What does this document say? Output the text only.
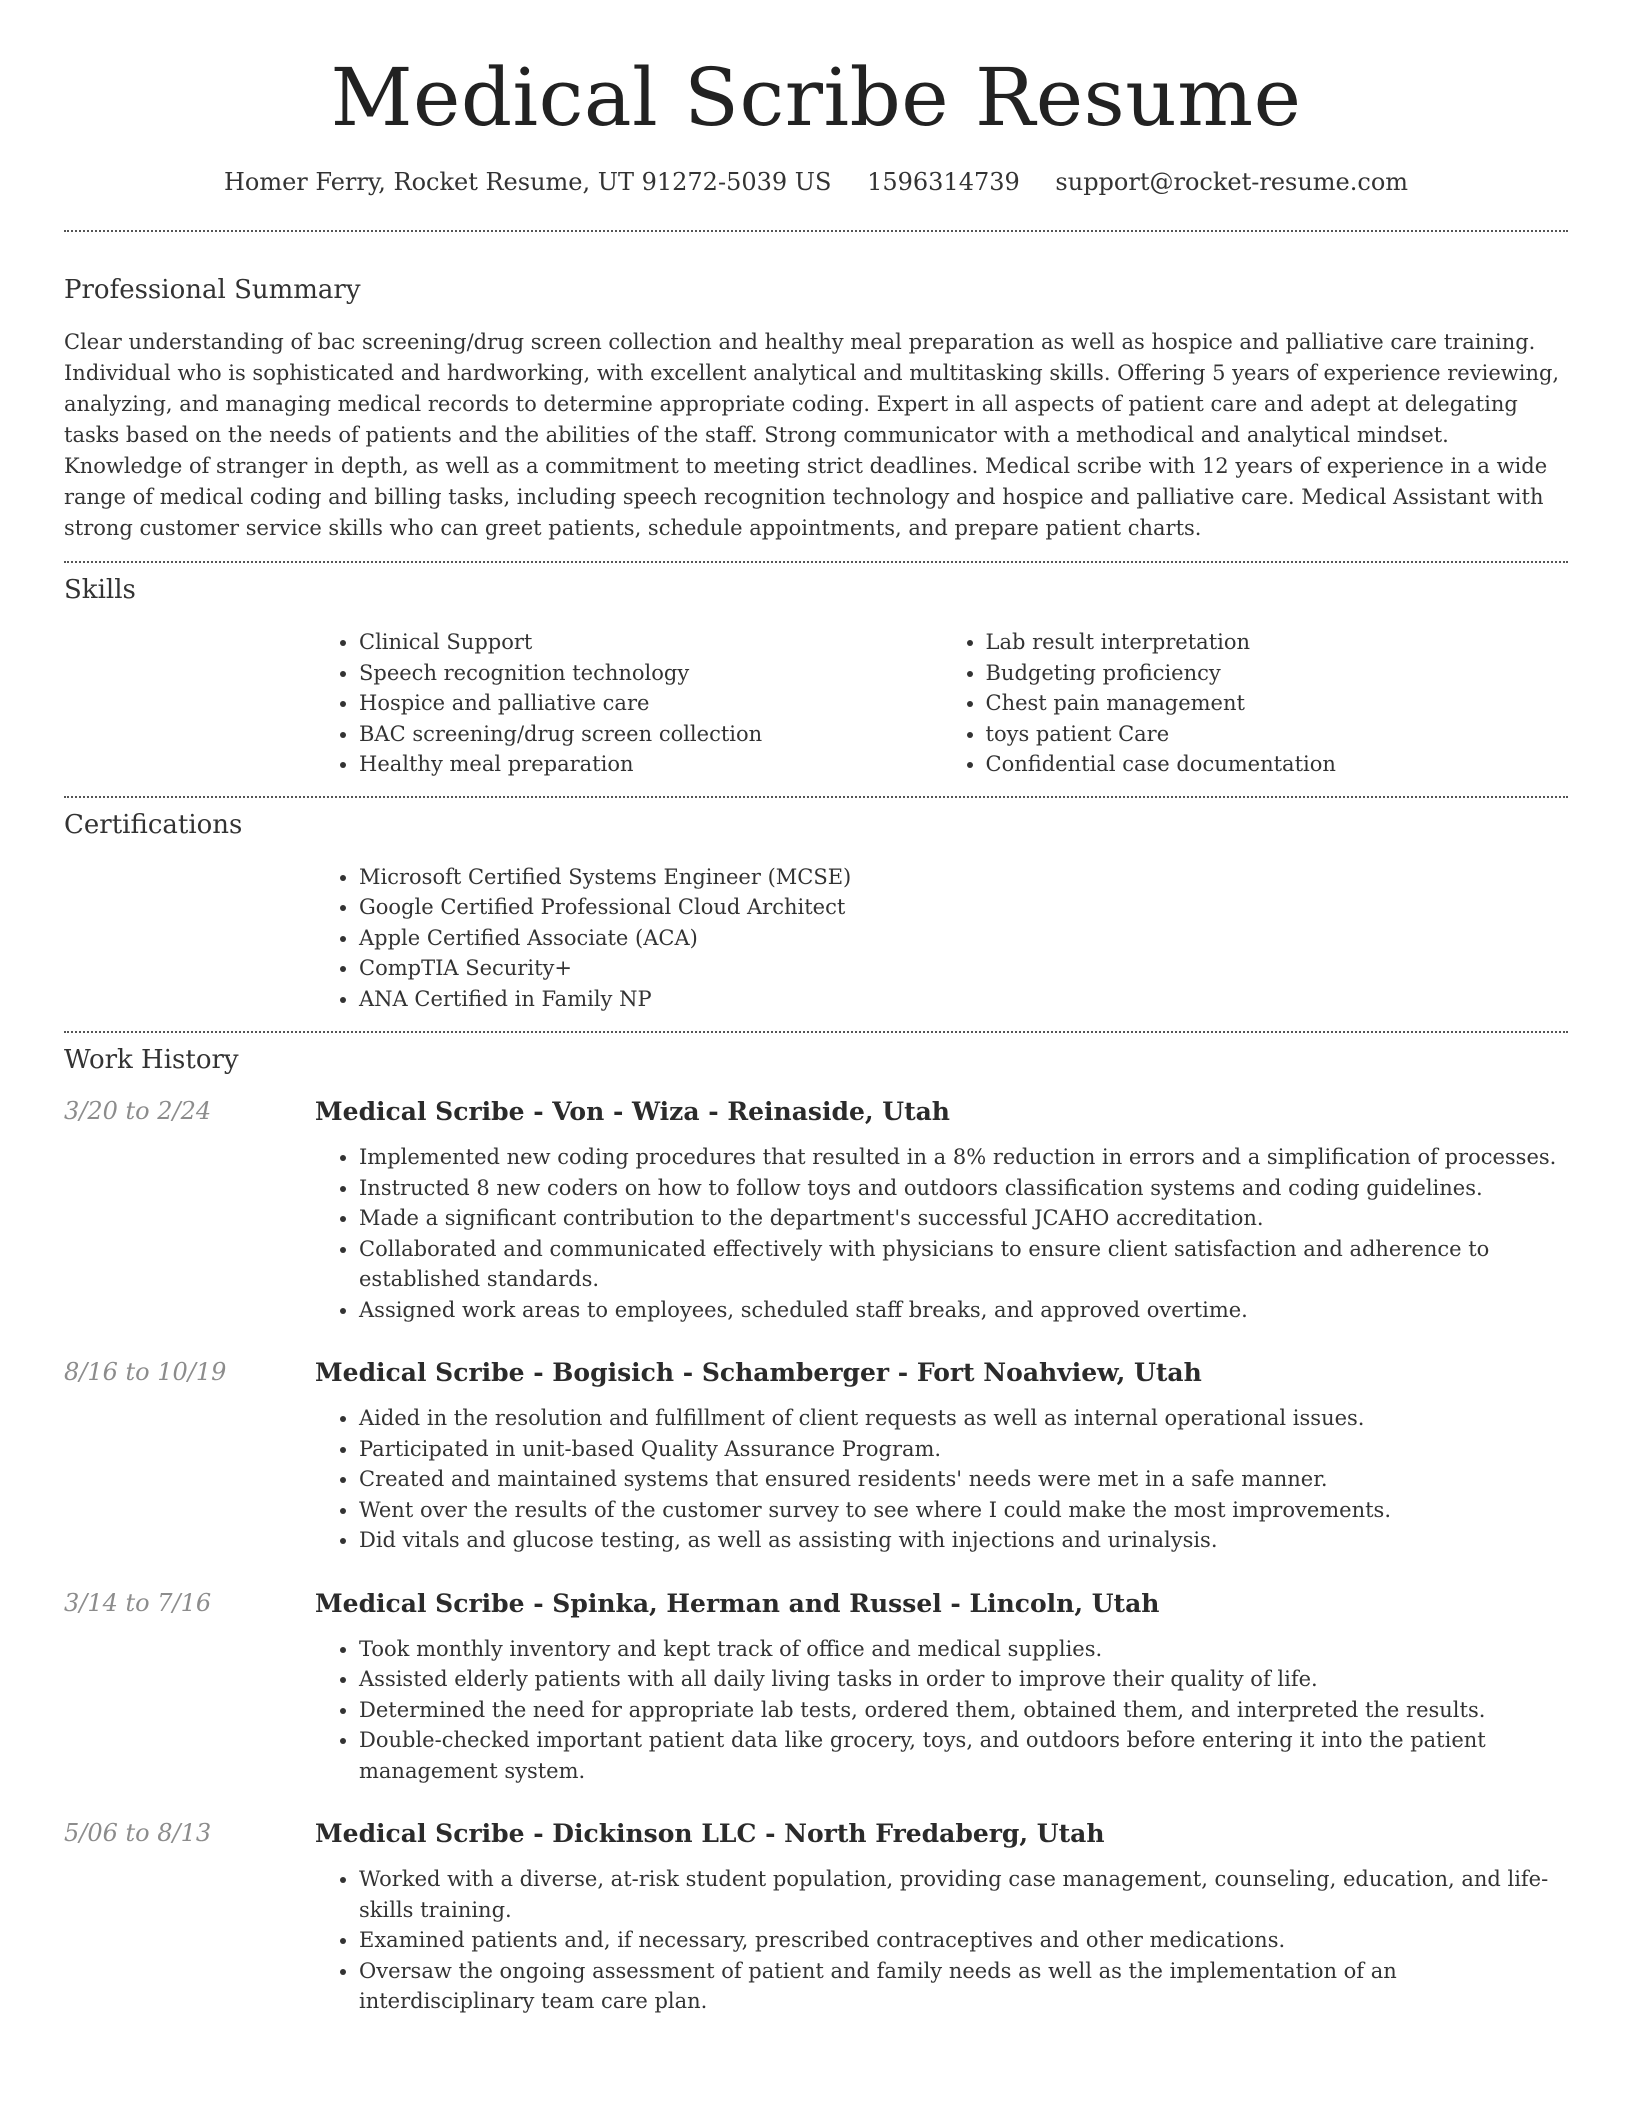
Medical Scribe Resume
Homer Ferry, Rocket Resume, UT 91272-5039 US 1596314739 support@rocket-resume.com
Professional Summary

Clear understanding of bac screening/drug screen collection and healthy meal preparation as well as hospice and palliative care training. Individual who is sophisticated and hardworking, with excellent analytical and multitasking skills. Offering 5 years of experience reviewing, analyzing, and managing medical records to determine appropriate coding. Expert in all aspects of patient care and adept at delegating tasks based on the needs of patients and the abilities of the staff. Strong communicator with a methodical and analytical mindset. Knowledge of stranger in depth, as well as a commitment to meeting strict deadlines. Medical scribe with 12 years of experience in a wide range of medical coding and billing tasks, including speech recognition technology and hospice and palliative care. Medical Assistant with strong customer service skills who can greet patients, schedule appointments, and prepare patient charts.

Skills
• Clinical Support
• Speech recognition technology
• Hospice and palliative care
• BAC screening/drug screen collection
• Healthy meal preparation
• Lab result interpretation
• Budgeting proficiency
• Chest pain management
• toys patient Care
• Confidential case documentation
Certifications
• Microsoft Certified Systems Engineer (MCSE)
• Google Certified Professional Cloud Architect
• Apple Certified Associate (ACA)
• CompTIA Security+
• ANA Certified in Family NP
Work History
3/20 to 2/24	Medical Scribe - Von - Wiza - Reinaside, Utah
• Implemented new coding procedures that resulted in a 8% reduction in errors and a simplification of processes.
• Instructed 8 new coders on how to follow toys and outdoors classification systems and coding guidelines.
• Made a significant contribution to the department's successful JCAHO accreditation.
• Collaborated and communicated effectively with physicians to ensure client satisfaction and adherence to established standards.
• Assigned work areas to employees, scheduled staff breaks, and approved overtime.
8/16 to 10/19	Medical Scribe - Bogisich - Schamberger - Fort Noahview, Utah
• Aided in the resolution and fulfillment of client requests as well as internal operational issues.
• Participated in unit-based Quality Assurance Program.
• Created and maintained systems that ensured residents' needs were met in a safe manner.
• Went over the results of the customer survey to see where I could make the most improvements.
• Did vitals and glucose testing, as well as assisting with injections and urinalysis.
3/14 to 7/16	Medical Scribe - Spinka, Herman and Russel - Lincoln, Utah
• Took monthly inventory and kept track of office and medical supplies.
• Assisted elderly patients with all daily living tasks in order to improve their quality of life.
• Determined the need for appropriate lab tests, ordered them, obtained them, and interpreted the results.
• Double-checked important patient data like grocery, toys, and outdoors before entering it into the patient management system.
5/06 to 8/13	Medical Scribe - Dickinson LLC - North Fredaberg, Utah
• Worked with a diverse, at-risk student population, providing case management, counseling, education, and life-skills training.
• Examined patients and, if necessary, prescribed contraceptives and other medications.
• Oversaw the ongoing assessment of patient and family needs as well as the implementation of an interdisciplinary team care plan.
